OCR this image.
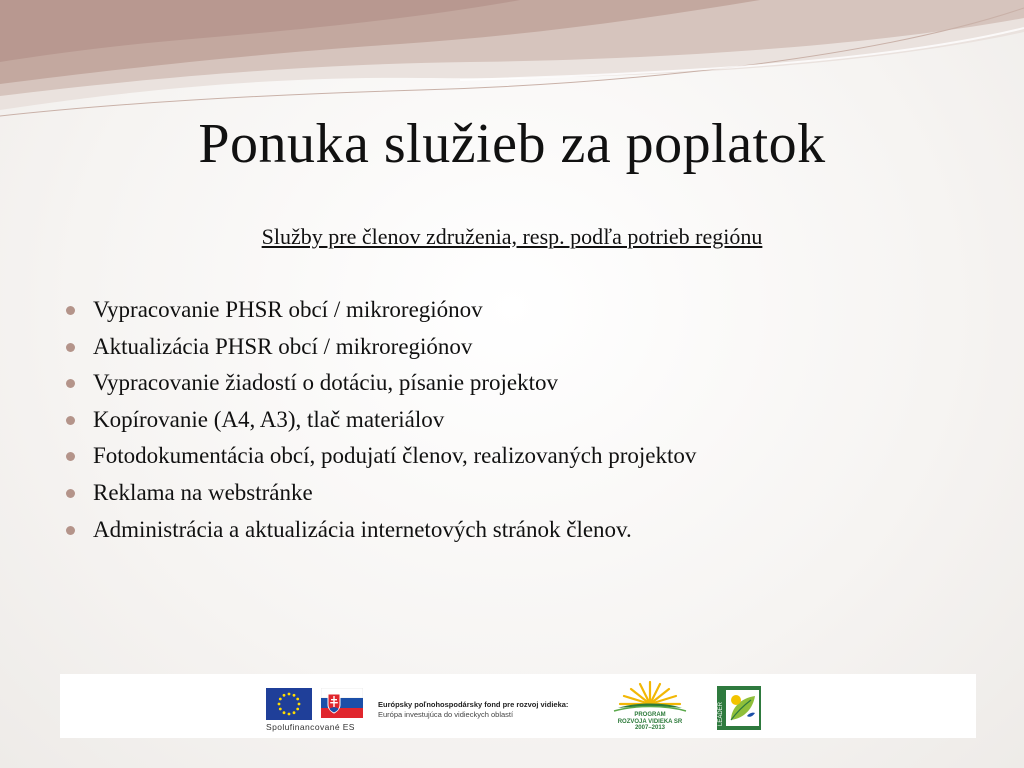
Ponuka služieb za poplatok

Služby pre členov združenia, resp. podľa potrieb regiónu

Vypracovanie PHSR obcí / mikroregiónov
Aktualizácia PHSR obcí / mikroregiónov
Vypracovanie žiadostí o dotáciu, písanie projektov
Kopírovanie (A4, A3), tlač materiálov
Fotodokumentácia obcí, podujatí členov, realizovaných projektov
Reklama na webstránke
Administrácia a aktualizácia internetových stránok členov.
Spolufinancované ES
Európsky poľnohospodársky fond pre rozvoj vidieka:
Európa investujúca do vidieckych oblastí	PROGRAM
ROZVOJA VIDIEKA SR
2007–2013
LEADER
